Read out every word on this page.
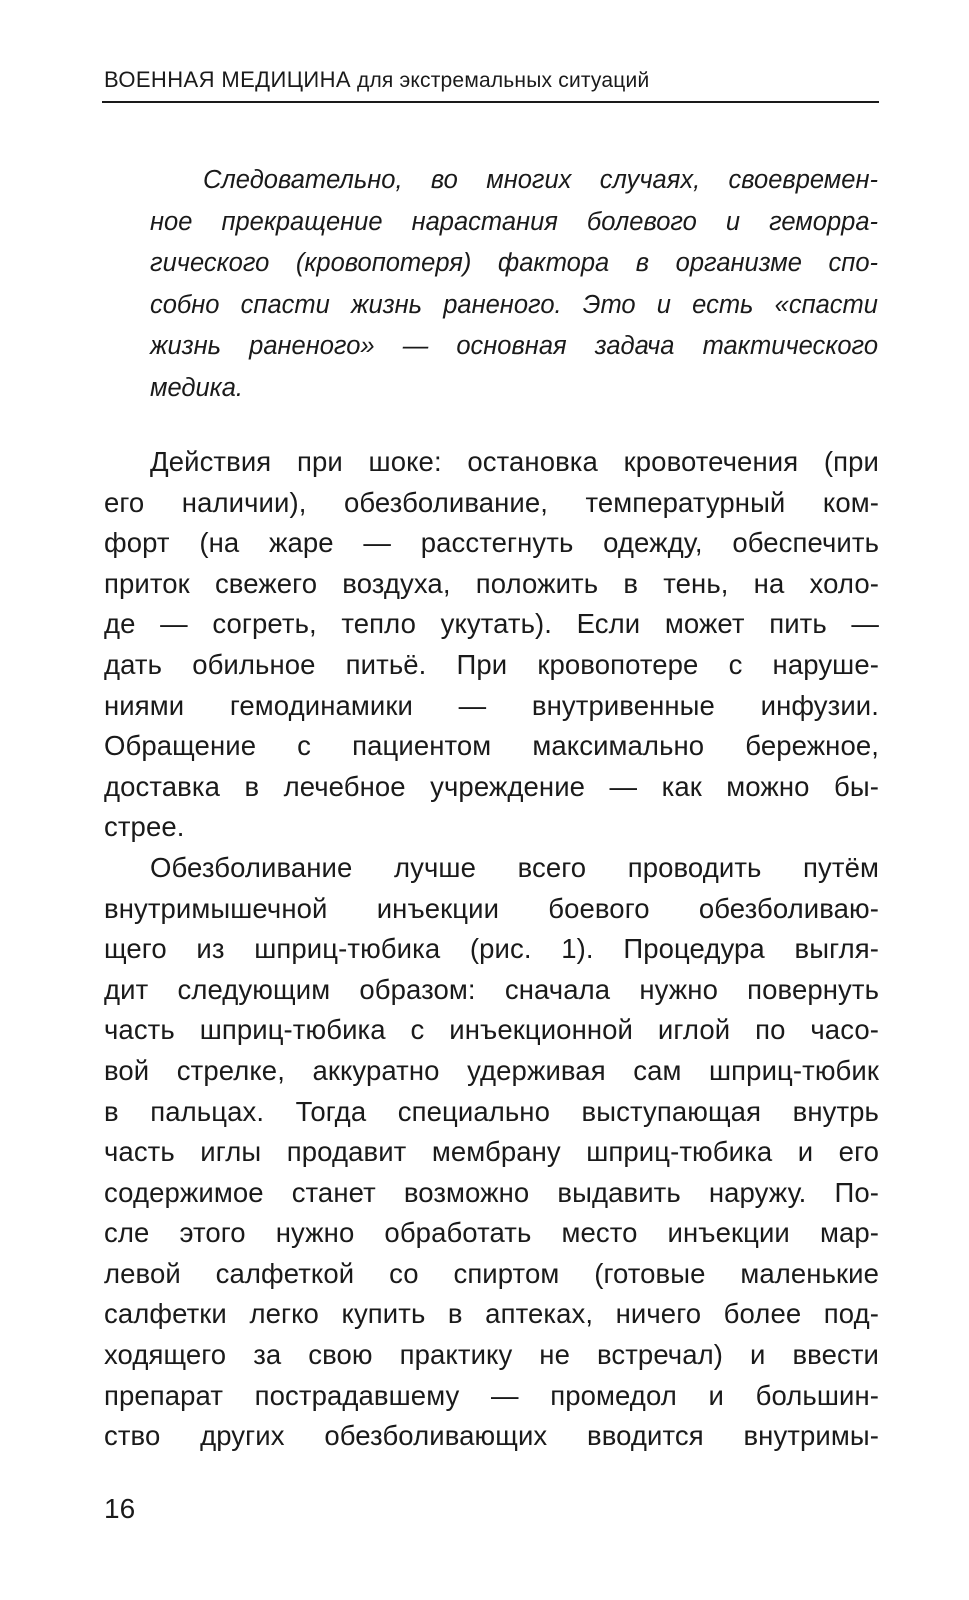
ВОЕННАЯ МЕДИЦИНА для экстремальных ситуаций
Следовательно, во многих случаях, своевремен-
ное прекращение нарастания болевого и геморра-
гического (кровопотеря) фактора в организме спо-
собно спасти жизнь раненого. Это и есть «спасти
жизнь раненого» — основная задача тактического
медика.
Действия при шоке: остановка кровотечения (при
его наличии), обезболивание, температурный ком-
форт (на жаре — расстегнуть одежду, обеспечить
приток свежего воздуха, положить в тень, на холо-
де — согреть, тепло укутать). Если может пить —
дать обильное питьё. При кровопотере с наруше-
ниями гемодинамики — внутривенные инфузии.
Обращение с пациентом максимально бережное,
доставка в лечебное учреждение — как можно бы-
стрее.
Обезболивание лучше всего проводить путём
внутримышечной инъекции боевого обезболиваю-
щего из шприц-тюбика (рис. 1). Процедура выгля-
дит следующим образом: сначала нужно повернуть
часть шприц-тюбика с инъекционной иглой по часо-
вой стрелке, аккуратно удерживая сам шприц-тюбик
в пальцах. Тогда специально выступающая внутрь
часть иглы продавит мембрану шприц-тюбика и его
содержимое станет возможно выдавить наружу. По-
сле этого нужно обработать место инъекции мар-
левой салфеткой со спиртом (готовые маленькие
салфетки легко купить в аптеках, ничего более под-
ходящего за свою практику не встречал) и ввести
препарат пострадавшему — промедол и большин-
ство других обезболивающих вводится внутримы-
16
